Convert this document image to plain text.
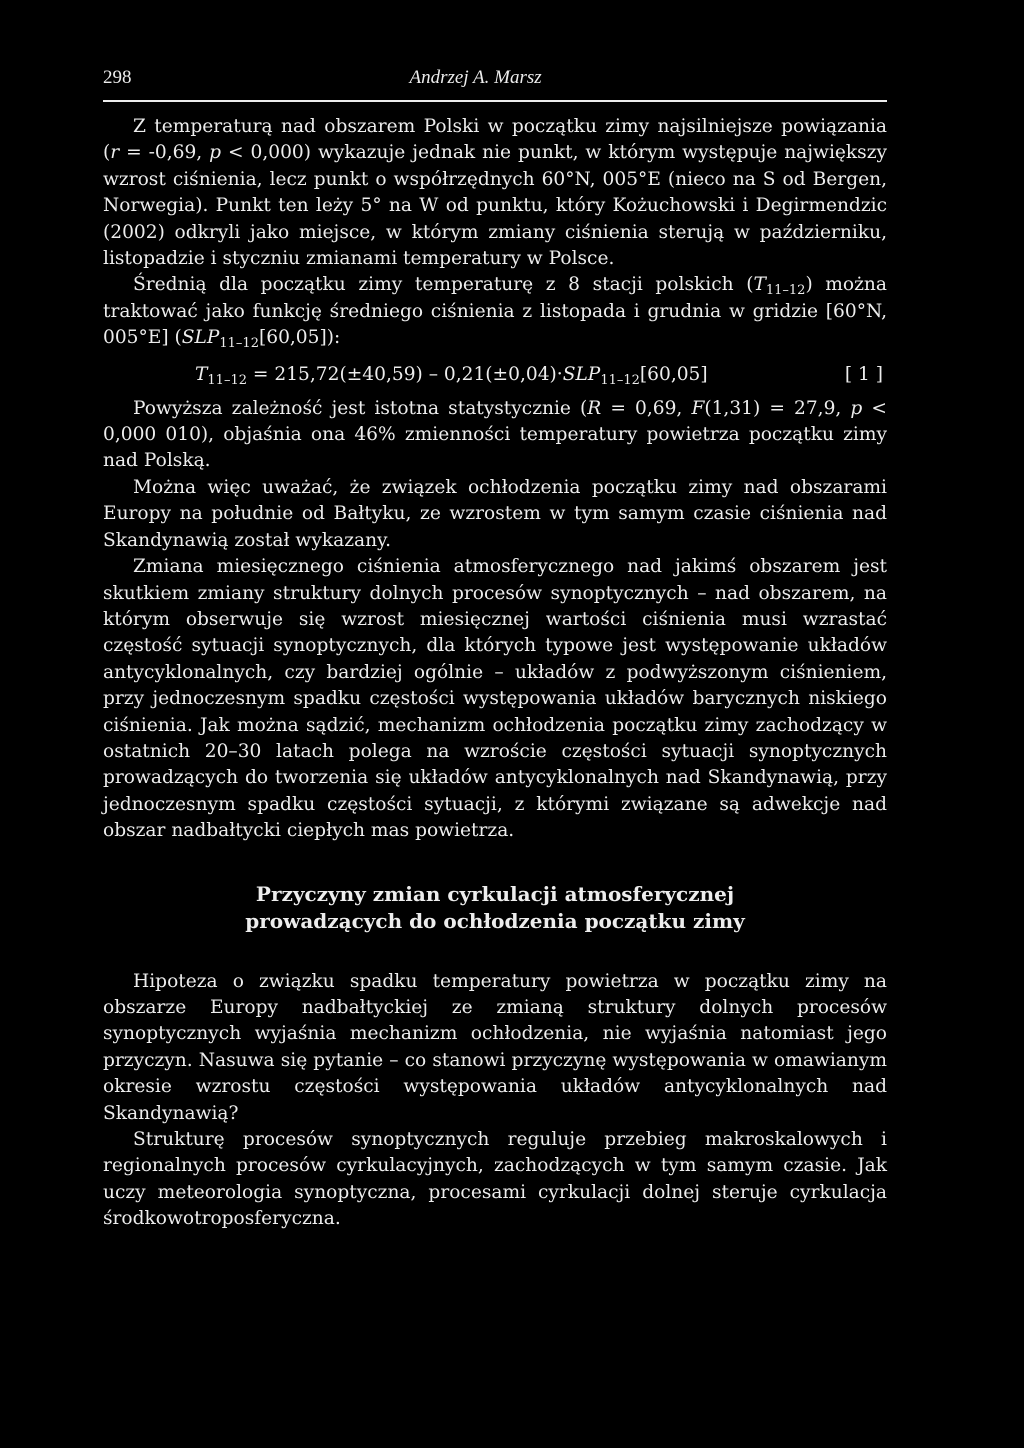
298	Andrzej A. Marsz

Z temperaturą nad obszarem Polski w początku zimy najsilniejsze powiązania (r = -0,69, p < 0,000) wykazuje jednak nie punkt, w którym występuje największy wzrost ciśnienia, lecz punkt o współrzędnych 60°N, 005°E (nieco na S od Bergen, Norwegia). Punkt ten leży 5° na W od punktu, który Kożuchowski i Degirmendzic (2002) odkryli jako miejsce, w którym zmiany ciśnienia sterują w październiku, listopadzie i styczniu zmianami temperatury w Polsce.

Średnią dla początku zimy temperaturę z 8 stacji polskich $(T_{11-12})$ można traktować jako funkcję średniego ciśnienia z listopada i grudnia w gridzie [60°N, 005°E] $(SLP_{11-12}[60,05])$:

$T_{11-12} = 215,72(\pm 40,59) - 0,21(\pm 0,04)\cdot SLP_{11-12}[60,05]$	[ 1 ]

Powyższa zależność jest istotna statystycznie (R = 0,69, F(1,31) = 27,9, p < 0,000 010), objaśnia ona 46% zmienności temperatury powietrza początku zimy nad Polską.

Można więc uważać, że związek ochłodzenia początku zimy nad obszarami Europy na południe od Bałtyku, ze wzrostem w tym samym czasie ciśnienia nad Skandynawią został wykazany.

Zmiana miesięcznego ciśnienia atmosferycznego nad jakimś obszarem jest skutkiem zmiany struktury dolnych procesów synoptycznych – nad obszarem, na którym obserwuje się wzrost miesięcznej wartości ciśnienia musi wzrastać częstość sytuacji synoptycznych, dla których typowe jest występowanie układów antycyklonalnych, czy bardziej ogólnie – układów z podwyższonym ciśnieniem, przy jednoczesnym spadku częstości występowania układów barycznych niskiego ciśnienia. Jak można sądzić, mechanizm ochłodzenia początku zimy zachodzący w ostatnich 20–30 latach polega na wzroście częstości sytuacji synoptycznych prowadzących do tworzenia się układów antycyklonalnych nad Skandynawią, przy jednoczesnym spadku częstości sytuacji, z którymi związane są adwekcje nad obszar nadbałtycki ciepłych mas powietrza.

Przyczyny zmian cyrkulacji atmosferycznej
prowadzących do ochłodzenia początku zimy

Hipoteza o związku spadku temperatury powietrza w początku zimy na obszarze Europy nadbałtyckiej ze zmianą struktury dolnych procesów synoptycznych wyjaśnia mechanizm ochłodzenia, nie wyjaśnia natomiast jego przyczyn. Nasuwa się pytanie – co stanowi przyczynę występowania w omawianym okresie wzrostu częstości występowania układów antycyklonalnych nad Skandynawią?

Strukturę procesów synoptycznych reguluje przebieg makroskalowych i regionalnych procesów cyrkulacyjnych, zachodzących w tym samym czasie. Jak uczy meteorologia synoptyczna, procesami cyrkulacji dolnej steruje cyrkulacja środkowotroposferyczna.
